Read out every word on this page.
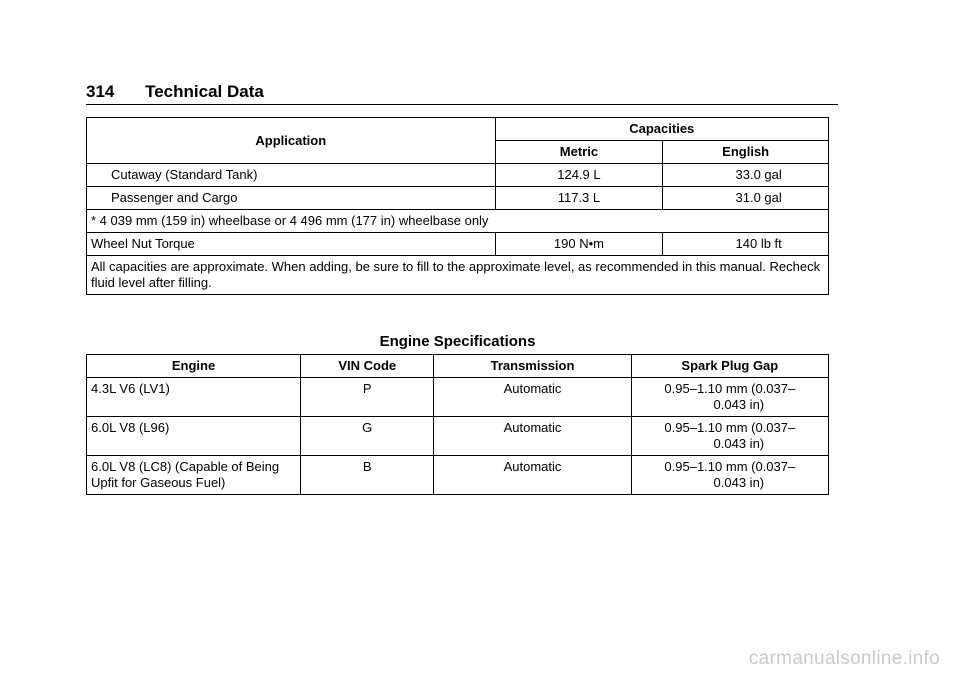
314 Technical Data
Application	Capacities	
	Metric	English
Cutaway (Standard Tank)	124.9 L	33.0 gal
Passenger and Cargo	117.3 L	31.0 gal
* 4 039 mm (159 in) wheelbase or 4 496 mm (177 in) wheelbase only		
Wheel Nut Torque	190 N•m	140 lb ft
All capacities are approximate. When adding, be sure to fill to the approximate level, as recommended in this manual. Recheck fluid level after filling.		
Engine Specifications
Engine	VIN Code	Transmission	Spark Plug Gap
4.3L V6 (LV1)	P	Automatic	0.95–1.10 mm (0.037–
0.043 in)

6.0L V8 (L96)	G	Automatic	0.95–1.10 mm (0.037–
0.043 in)

6.0L V8 (LC8) (Capable of Being Upfit for Gaseous Fuel)	B	Automatic	0.95–1.10 mm (0.037–
0.043 in)
carmanualsonline.info
